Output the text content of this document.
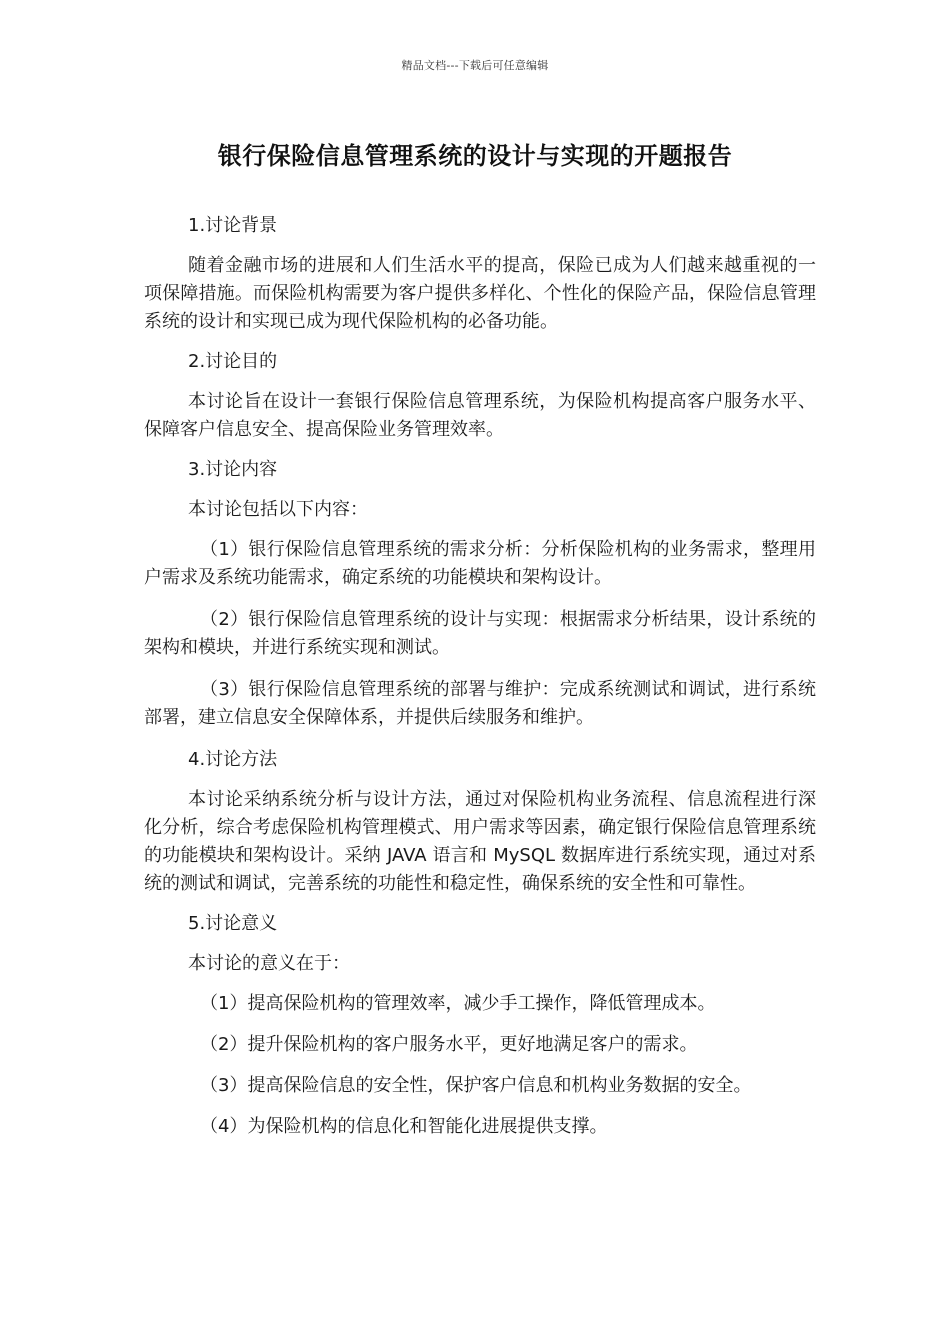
精品文档---下载后可任意编辑
银行保险信息管理系统的设计与实现的开题报告

1.讨论背景

随着金融市场的进展和人们生活水平的提高，保险已成为人们越来越重视的一项保障措施。而保险机构需要为客户提供多样化、个性化的保险产品，保险信息管理系统的设计和实现已成为现代保险机构的必备功能。

2.讨论目的

本讨论旨在设计一套银行保险信息管理系统，为保险机构提高客户服务水平、保障客户信息安全、提高保险业务管理效率。

3.讨论内容

本讨论包括以下内容：

（1）银行保险信息管理系统的需求分析：分析保险机构的业务需求，整理用户需求及系统功能需求，确定系统的功能模块和架构设计。

（2）银行保险信息管理系统的设计与实现：根据需求分析结果，设计系统的架构和模块，并进行系统实现和测试。

（3）银行保险信息管理系统的部署与维护：完成系统测试和调试，进行系统部署，建立信息安全保障体系，并提供后续服务和维护。

4.讨论方法

本讨论采纳系统分析与设计方法，通过对保险机构业务流程、信息流程进行深化分析，综合考虑保险机构管理模式、用户需求等因素，确定银行保险信息管理系统的功能模块和架构设计。采纳 JAVA 语言和 MySQL 数据库进行系统实现，通过对系统的测试和调试，完善系统的功能性和稳定性，确保系统的安全性和可靠性。

5.讨论意义

本讨论的意义在于：

（1）提高保险机构的管理效率，减少手工操作，降低管理成本。

（2）提升保险机构的客户服务水平，更好地满足客户的需求。

（3）提高保险信息的安全性，保护客户信息和机构业务数据的安全。

（4）为保险机构的信息化和智能化进展提供支撑。
